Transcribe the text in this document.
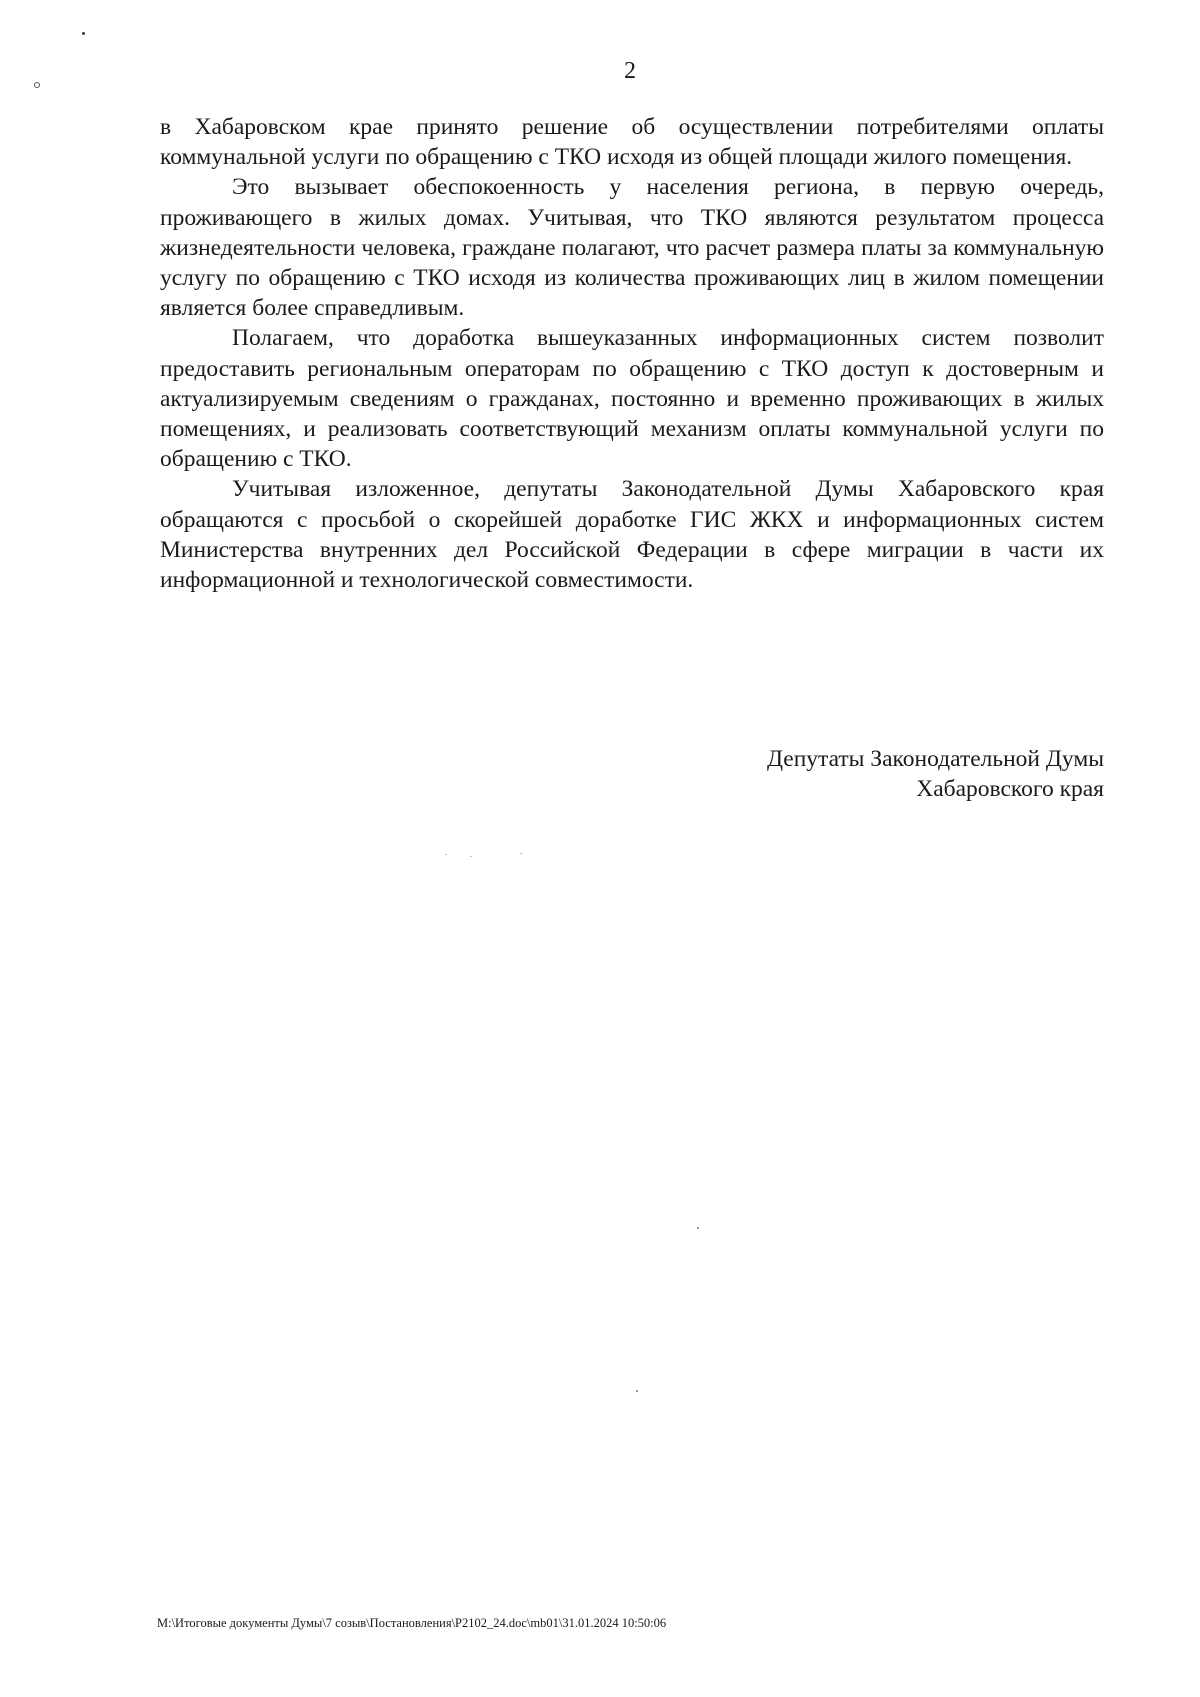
2

в Хабаровском крае принято решение об осуществлении потребителями оплаты коммунальной услуги по обращению с ТКО исходя из общей площади жилого помещения.

Это вызывает обеспокоенность у населения региона, в первую очередь, проживающего в жилых домах. Учитывая, что ТКО являются результатом процесса жизнедеятельности человека, граждане полагают, что расчет размера платы за коммунальную услугу по обращению с ТКО исходя из количества проживающих лиц в жилом помещении является более справедливым.

Полагаем, что доработка вышеуказанных информационных систем позволит предоставить региональным операторам по обращению с ТКО доступ к достоверным и актуализируемым сведениям о гражданах, постоянно и временно проживающих в жилых помещениях, и реализовать соответствующий механизм оплаты коммунальной услуги по обращению с ТКО.

Учитывая изложенное, депутаты Законодательной Думы Хабаровского края обращаются с просьбой о скорейшей доработке ГИС ЖКХ и информационных систем Министерства внутренних дел Российской Федерации в сфере миграции в части их информационной и технологической совместимости.

Депутаты Законодательной Думы
Хабаровского края
M:\Итоговые документы Думы\7 созыв\Постановления\P2102_24.doc\mb01\31.01.2024 10:50:06
